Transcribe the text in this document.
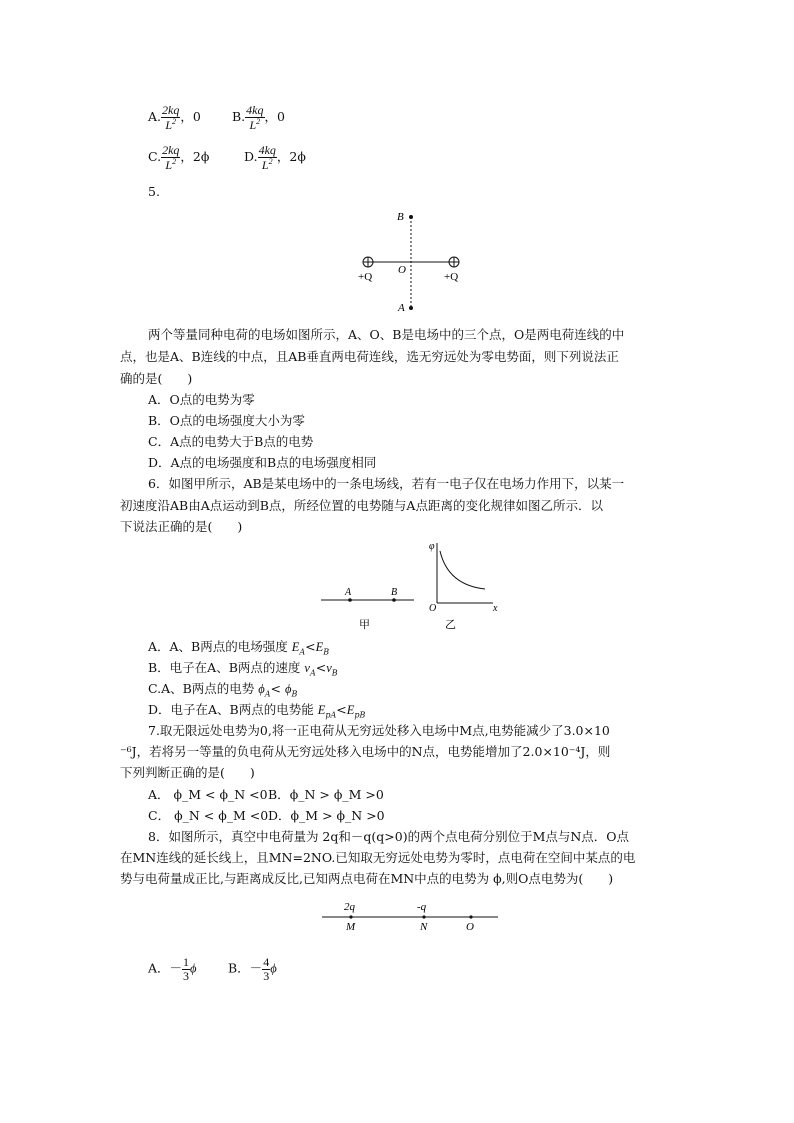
A. $\frac{2kq}{L^2}$ ，0 B. $\frac{4kq}{L^2}$ ，0
C. $\frac{2kq}{L^2}$ ，2ϕ	D. $\frac{4kq}{L^2}$ ，2ϕ
5.
B
A
O
+Q	+Q
两个等量同种电荷的电场如图所示，A、O、B是电场中的三个点，O是两电荷连线的中
点，也是A、B连线的中点，且AB垂直两电荷连线，选无穷远处为零电势面，则下列说法正
确的是(　　)
A．O点的电势为零
B．O点的电场强度大小为零
C．A点的电势大于B点的电势
D．A点的电场强度和B点的电场强度相同
6．如图甲所示，AB是某电场中的一条电场线，若有一电子仅在电场力作用下，以某一
初速度沿AB由A点运动到B点，所经位置的电势随与A点距离的变化规律如图乙所示．以
下说法正确的是(　　)
A	B
甲
φ
x
O
乙
A．A、B两点的电场强度 $E_A<E_B$
B．电子在A、B两点的速度 $v_A<v_B$
C.A、B两点的电势 $\phi_A< \phi_B$
D．电子在A、B两点的电势能 $E_{pA}<E_{pB}$
7.取无限远处电势为0,将一正电荷从无穷远处移入电场中M点,电势能减少了3.0×10
⁻⁶J，若将另一等量的负电荷从无穷远处移入电场中的N点，电势能增加了2.0×10⁻⁴J，则
下列判断正确的是(　　)
A． ϕ_M < ϕ_N <0 B．ϕ_N > ϕ_M >0
C． ϕ_N < ϕ_M <0 D．ϕ_M > ϕ_N >0
8．如图所示，真空中电荷量为 2q和－q(q>0)的两个点电荷分别位于M点与N点．O点
在MN连线的延长线上，且MN=2NO.已知取无穷远处电势为零时，点电荷在空间中某点的电
势与电荷量成正比,与距离成反比,已知两点电荷在MN中点的电势为 ϕ,则O点电势为(　　)
2q	-q
M	N	O
A．－ $\frac{1}{3}$ ϕ	B．－ $\frac{4}{3}$ ϕ
